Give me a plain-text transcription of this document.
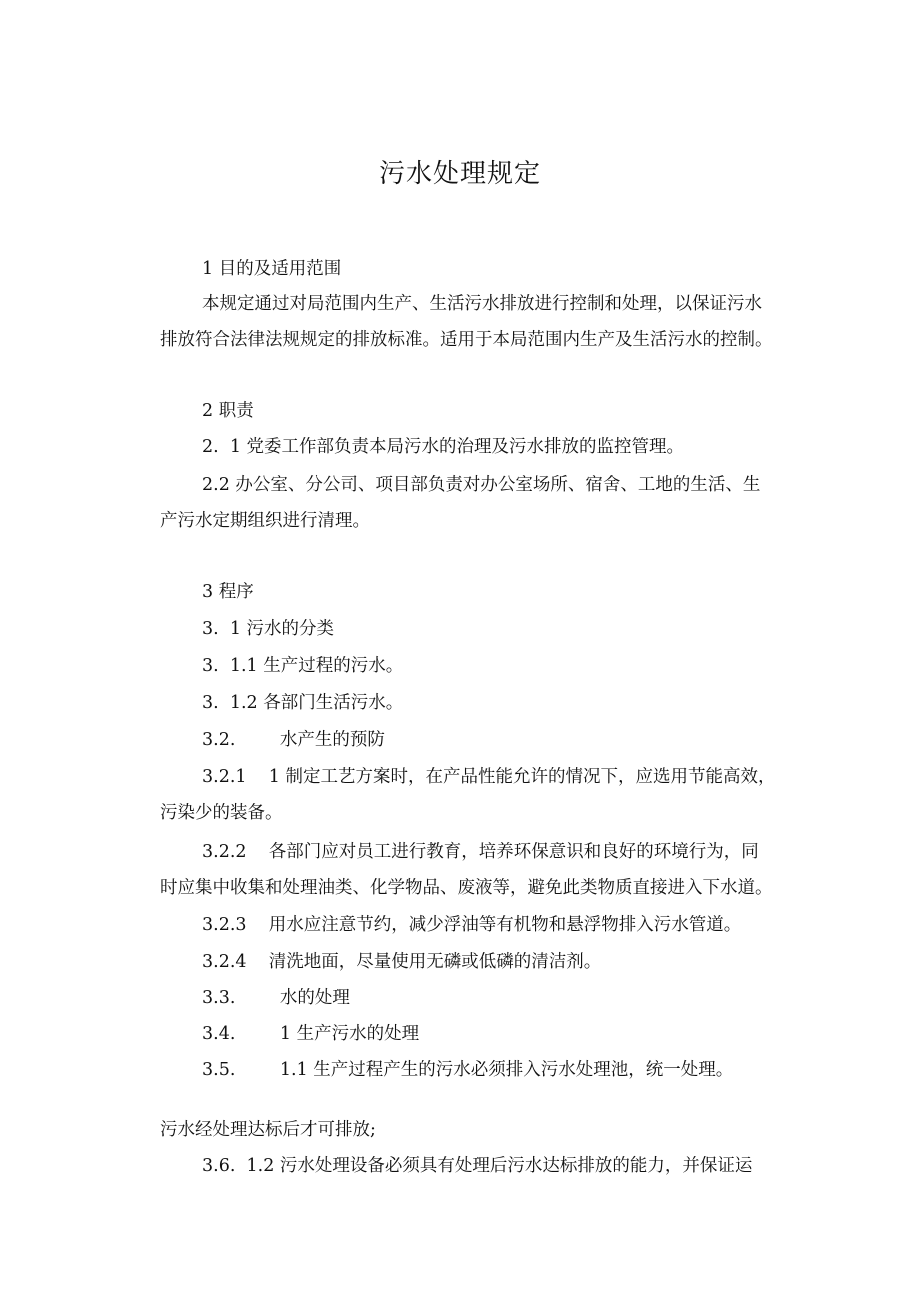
污水处理规定
1 目的及适用范围
本规定通过对局范围内生产、生活污水排放进行控制和处理，以保证污水
排放符合法律法规规定的排放标准。适用于本局范围内生产及生活污水的控制。
2 职责
2.  1 党委工作部负责本局污水的治理及污水排放的监控管理。
2.2 办公室、分公司、项目部负责对办公室场所、宿舍、工地的生活、生
产污水定期组织进行清理。
3 程序
3.  1 污水的分类
3.  1.1 生产过程的污水。
3.  1.2 各部门生活污水。
3.2.        水产生的预防
3.2.1    1 制定工艺方案时，在产品性能允许的情况下，应选用节能高效，
污染少的装备。
3.2.2    各部门应对员工进行教育，培养环保意识和良好的环境行为，同
时应集中收集和处理油类、化学物品、废液等，避免此类物质直接进入下水道。
3.2.3    用水应注意节约，减少浮油等有机物和悬浮物排入污水管道。
3.2.4    清洗地面，尽量使用无磷或低磷的清洁剂。
3.3.        水的处理
3.4.        1 生产污水的处理
3.5.        1.1 生产过程产生的污水必须排入污水处理池，统一处理。
污水经处理达标后才可排放;
3.6.  1.2 污水处理设备必须具有处理后污水达标排放的能力，并保证运
